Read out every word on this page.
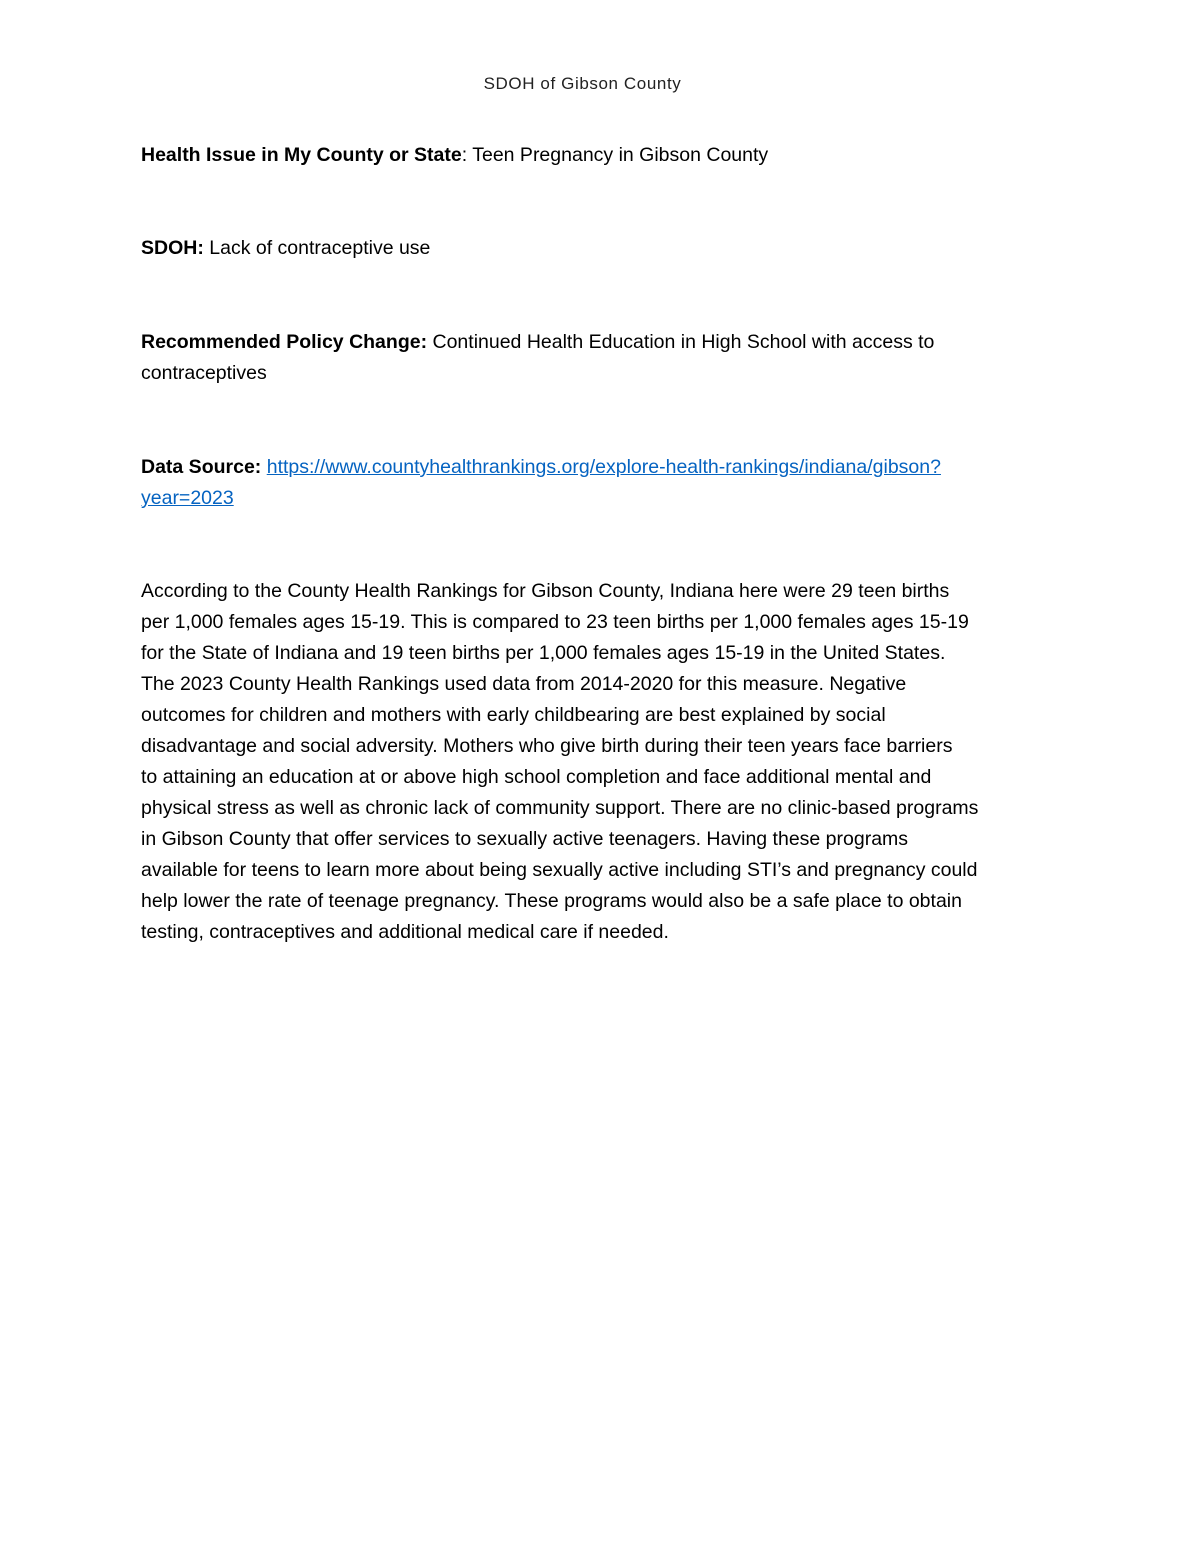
SDOH of Gibson County
Health Issue in My County or State: Teen Pregnancy in Gibson County
SDOH: Lack of contraceptive use
Recommended Policy Change: Continued Health Education in High School with access to
contraceptives
Data Source: https://www.countyhealthrankings.org/explore-health-rankings/indiana/gibson?
year=2023
According to the County Health Rankings for Gibson County, Indiana here were 29 teen births
per 1,000 females ages 15-19. This is compared to 23 teen births per 1,000 females ages 15-19
for the State of Indiana and 19 teen births per 1,000 females ages 15-19 in the United States.
The 2023 County Health Rankings used data from 2014-2020 for this measure. Negative
outcomes for children and mothers with early childbearing are best explained by social
disadvantage and social adversity. Mothers who give birth during their teen years face barriers
to attaining an education at or above high school completion and face additional mental and
physical stress as well as chronic lack of community support. There are no clinic-based programs
in Gibson County that offer services to sexually active teenagers. Having these programs
available for teens to learn more about being sexually active including STI’s and pregnancy could
help lower the rate of teenage pregnancy. These programs would also be a safe place to obtain
testing, contraceptives and additional medical care if needed.
